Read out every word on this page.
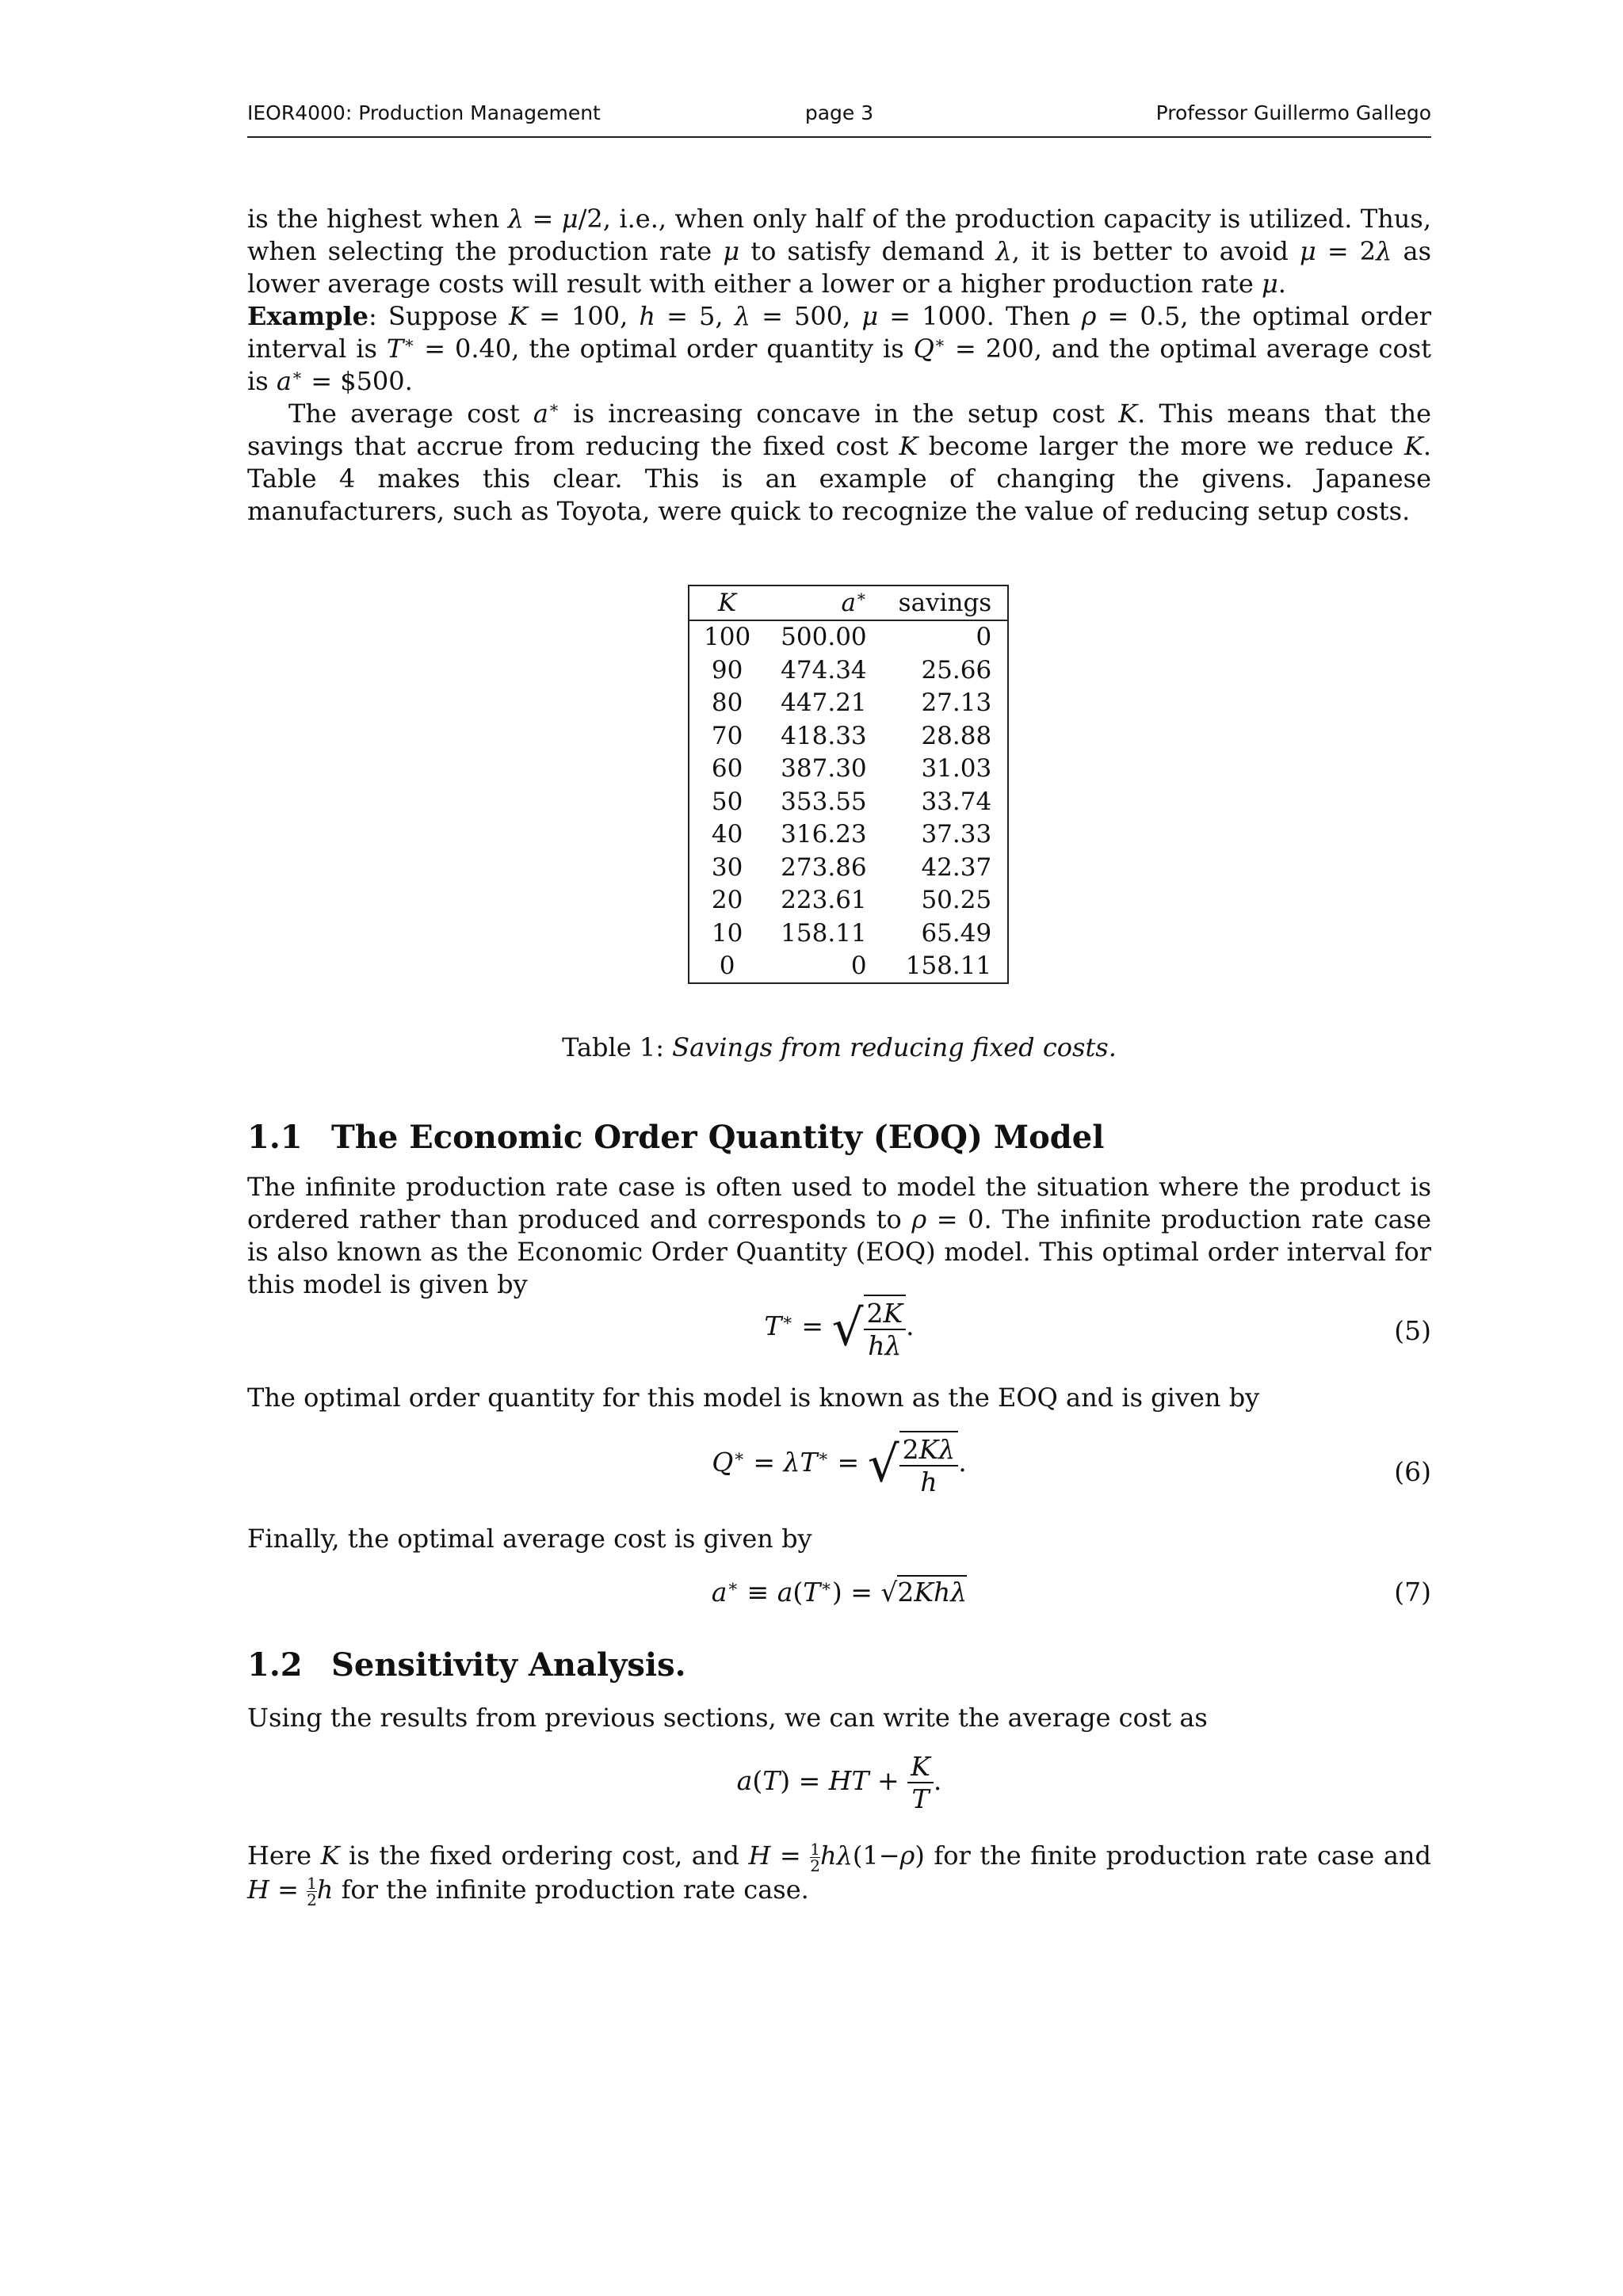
IEOR4000: Production Management	page 3	Professor Guillermo Gallego

is the highest when λ = μ/2, i.e., when only half of the production capacity is utilized. Thus, when selecting the production rate μ to satisfy demand λ, it is better to avoid μ = 2λ as lower average costs will result with either a lower or a higher production rate μ.

Example: Suppose K = 100, h = 5, λ = 500, μ = 1000. Then ρ = 0.5, the optimal order interval is T∗ = 0.40, the optimal order quantity is Q∗ = 200, and the optimal average cost is a∗ = $500.

The average cost a∗ is increasing concave in the setup cost K. This means that the savings that accrue from reducing the fixed cost K become larger the more we reduce K. Table 4 makes this clear. This is an example of changing the givens. Japanese manufacturers, such as Toyota, were quick to recognize the value of reducing setup costs.

K	a∗	savings
100	500.00	0
90	474.34	25.66
80	447.21	27.13
70	418.33	28.88
60	387.30	31.03
50	353.55	33.74
40	316.23	37.33
30	273.86	42.37
20	223.61	50.25
10	158.11	65.49
0	0	158.11
Table 1: Savings from reducing fixed costs.
1.1 The Economic Order Quantity (EOQ) Model

The infinite production rate case is often used to model the situation where the product is ordered rather than produced and corresponds to ρ = 0. The infinite production rate case is also known as the Economic Order Quantity (EOQ) model. This optimal order interval for this model is given by

T∗ = √ $\frac{2K}{h\lambda}$ .	(5)

The optimal order quantity for this model is known as the EOQ and is given by

Q∗ = λT∗ = √ $\frac{2K\lambda}{h}$ .	(6)

Finally, the optimal average cost is given by

a∗ ≡ a(T∗) = √2Khλ	(7)
1.2 Sensitivity Analysis.

Using the results from previous sections, we can write the average cost as

a(T) = HT + $\frac{K}{T}$ .

Here K is the fixed ordering cost, and $H = \frac{1}{2} h\lambda(1-\rho)$ for the finite production rate case and $H = \frac{1}{2}$ h for the infinite production rate case.
